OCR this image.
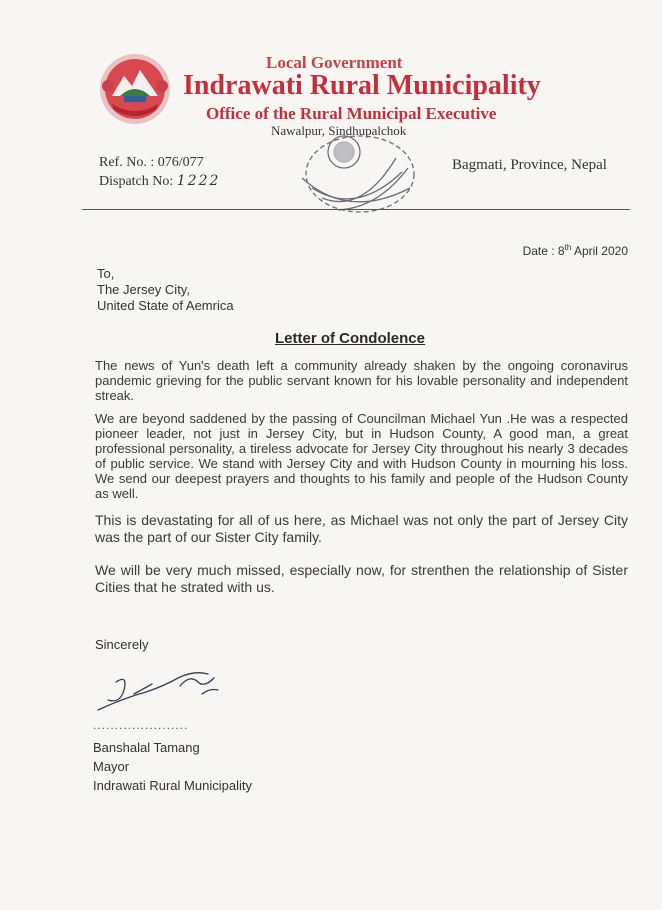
Local Government
Indrawati Rural Municipality
Office of the Rural Municipal Executive
Nawalpur, Sindhupalchok
Ref. No. : 076/077
Dispatch No: 1222
Bagmati, Province, Nepal
Date : 8th April 2020
To,
The Jersey City,
United State of Aemrica
Letter of Condolence

The news of Yun's death left a community already shaken by the ongoing coronavirus pandemic grieving for the public servant known for his lovable personality and independent streak.

We are beyond saddened by the passing of Councilman Michael Yun .He was a respected pioneer leader, not just in Jersey City, but in Hudson County, A good man, a great professional personality, a tireless advocate for Jersey City throughout his nearly 3 decades of public service. We stand with Jersey City and with Hudson County in mourning his loss. We send our deepest prayers and thoughts to his family and people of the Hudson County as well.

This is devastating for all of us here, as Michael was not only the part of Jersey City was the part of our Sister City family.

We will be very much missed, especially now, for strenthen the relationship of Sister Cities that he strated with us.

Sincerely
......................
Banshalal Tamang
Mayor
Indrawati Rural Municipality
